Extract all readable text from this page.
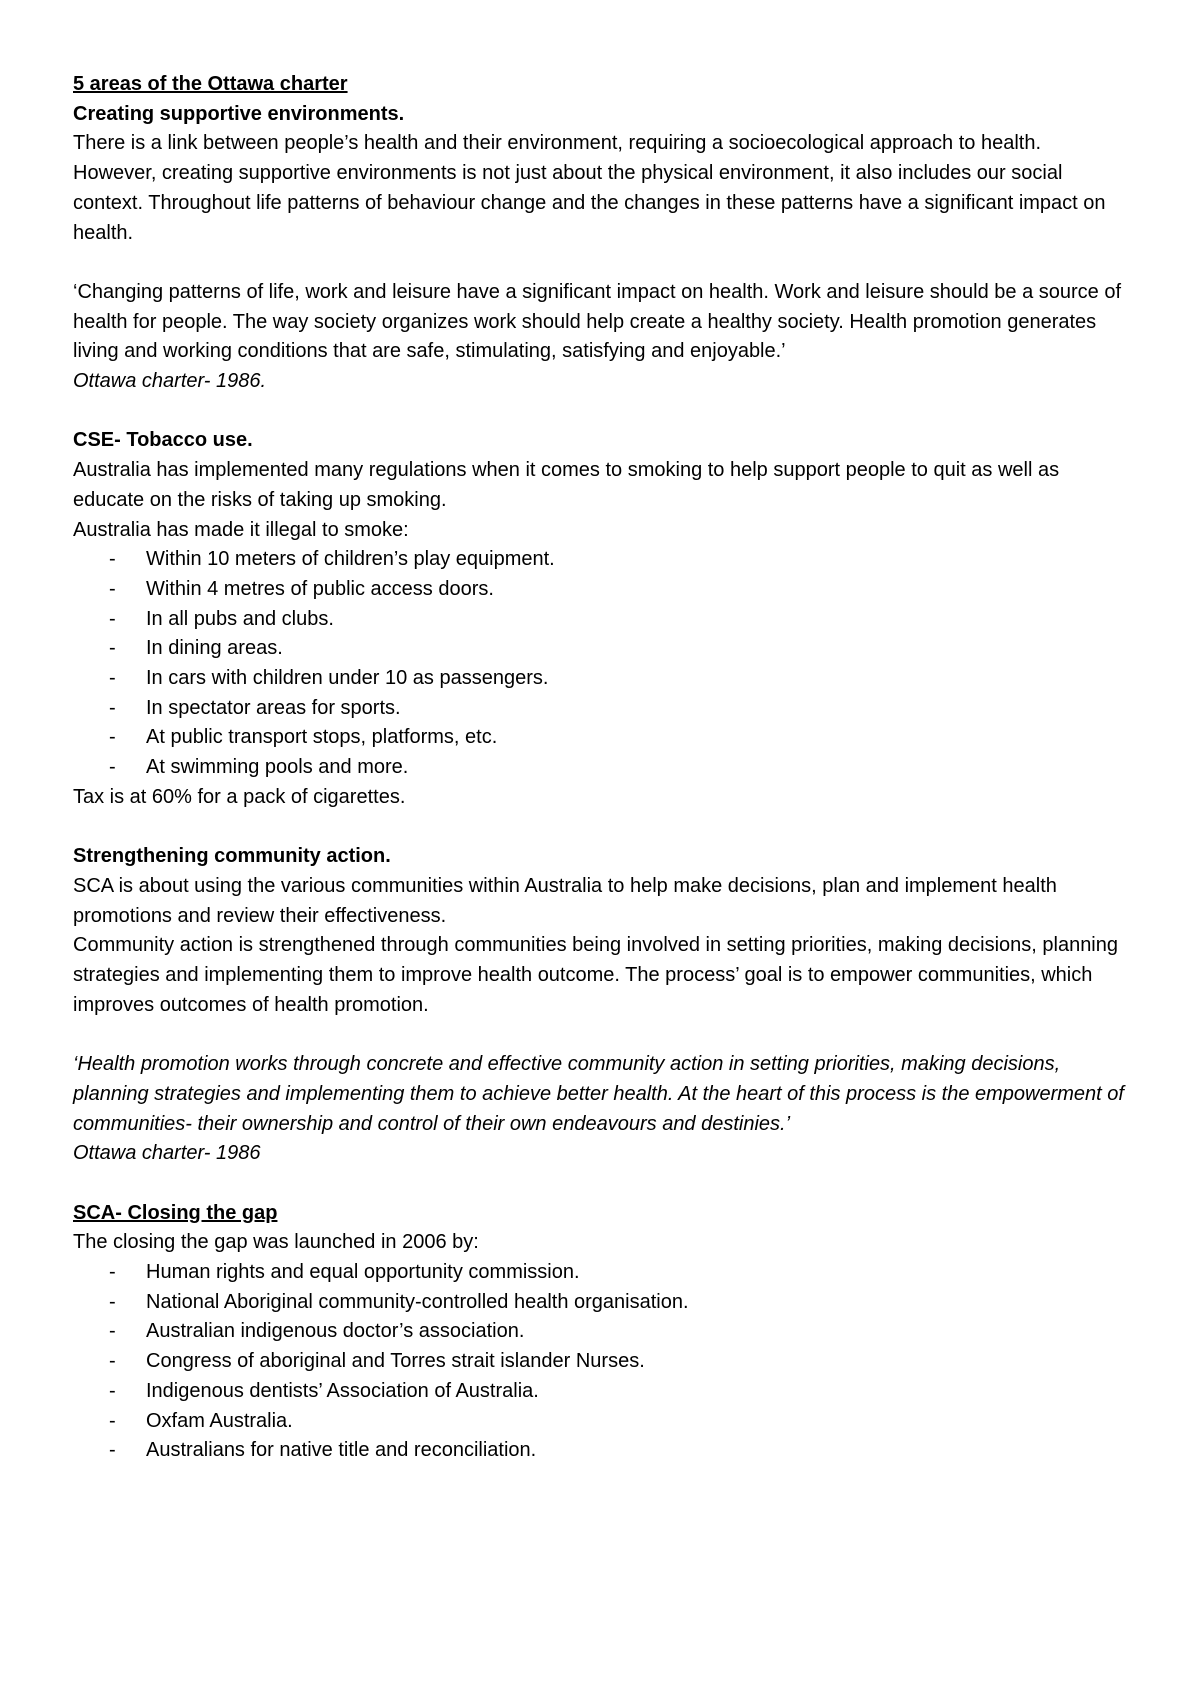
5 areas of the Ottawa charter
Creating supportive environments.
There is a link between people’s health and their environment, requiring a socioecological approach to health.
However, creating supportive environments is not just about the physical environment, it also includes our social context. Throughout life patterns of behaviour change and the changes in these patterns have a significant impact on health.
‘Changing patterns of life, work and leisure have a significant impact on health. Work and leisure should be a source of health for people. The way society organizes work should help create a healthy society. Health promotion generates living and working conditions that are safe, stimulating, satisfying and enjoyable.’
Ottawa charter- 1986.
CSE- Tobacco use.
Australia has implemented many regulations when it comes to smoking to help support people to quit as well as educate on the risks of taking up smoking.
Australia has made it illegal to smoke:
- Within 10 meters of children’s play equipment.
- Within 4 metres of public access doors.
- In all pubs and clubs.
- In dining areas.
- In cars with children under 10 as passengers.
- In spectator areas for sports.
- At public transport stops, platforms, etc.
- At swimming pools and more.
Tax is at 60% for a pack of cigarettes.
Strengthening community action.
SCA is about using the various communities within Australia to help make decisions, plan and implement health promotions and review their effectiveness.
Community action is strengthened through communities being involved in setting priorities, making decisions, planning strategies and implementing them to improve health outcome. The process’ goal is to empower communities, which improves outcomes of health promotion.
‘Health promotion works through concrete and effective community action in setting priorities, making decisions, planning strategies and implementing them to achieve better health. At the heart of this process is the empowerment of communities- their ownership and control of their own endeavours and destinies.’
Ottawa charter- 1986
SCA- Closing the gap
The closing the gap was launched in 2006 by:
- Human rights and equal opportunity commission.
- National Aboriginal community-controlled health organisation.
- Australian indigenous doctor’s association.
- Congress of aboriginal and Torres strait islander Nurses.
- Indigenous dentists’ Association of Australia.
- Oxfam Australia.
- Australians for native title and reconciliation.
